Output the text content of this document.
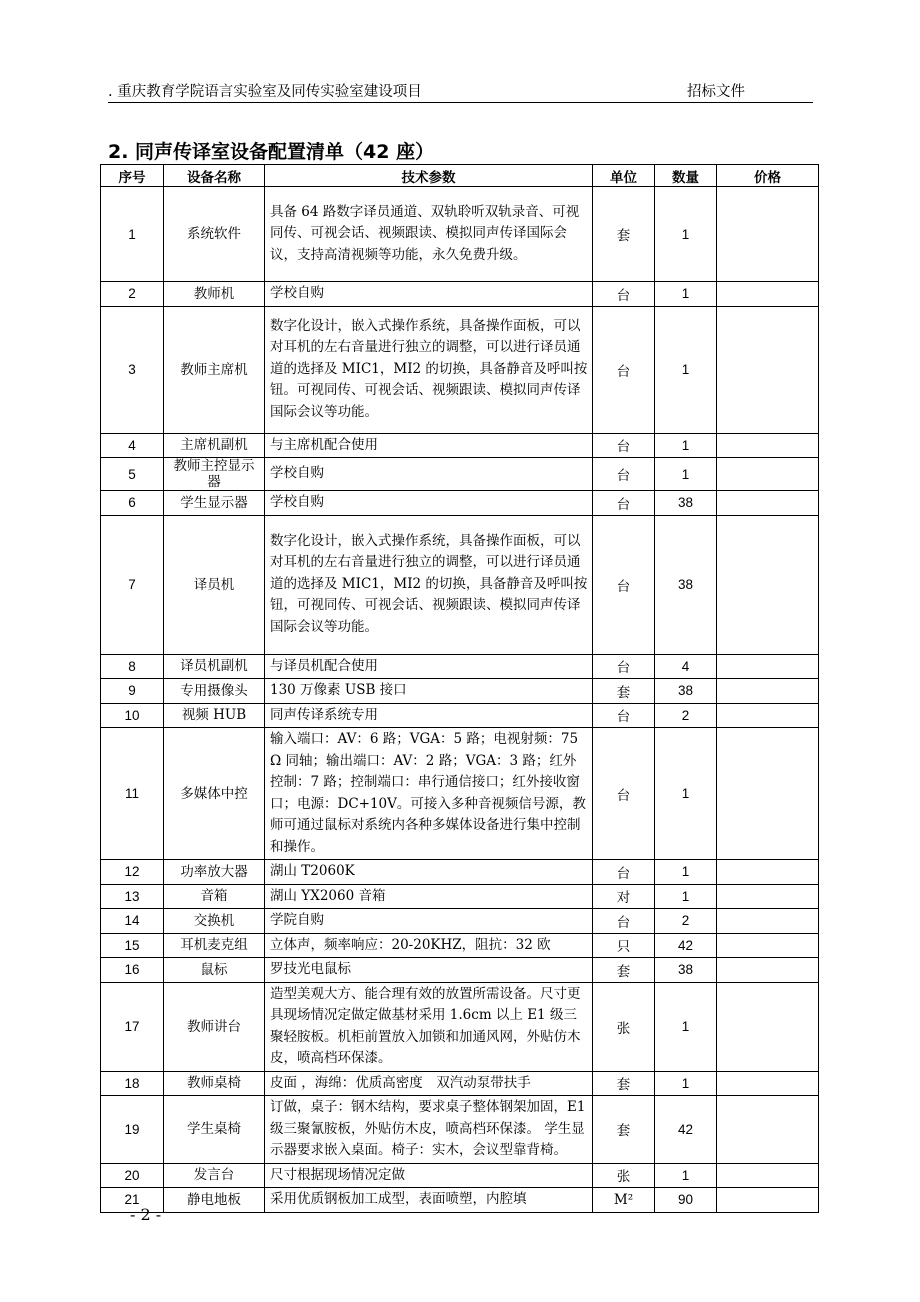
. 重庆教育学院语言实验室及同传实验室建设项目	招标文件
2. 同声传译室设备配置清单（42 座）
序号	设备名称	技术参数	单位	数量	价格
1	系统软件	具备 64 路数字译员通道、双轨聆听双轨录音、可视同传、可视会话、视频跟读、模拟同声传译国际会议，支持高清视频等功能，永久免费升级。	套	1	
2	教师机	学校自购	台	1	
3	教师主席机	数字化设计，嵌入式操作系统，具备操作面板，可以对耳机的左右音量进行独立的调整，可以进行译员通道的选择及 MIC1，MI2 的切换，具备静音及呼叫按钮。可视同传、可视会话、视频跟读、模拟同声传译国际会议等功能。	台	1	
4	主席机副机	与主席机配合使用	台	1	
5	教师主控显示器	学校自购	台	1	
6	学生显示器	学校自购	台	38	
7	译员机	数字化设计，嵌入式操作系统，具备操作面板，可以对耳机的左右音量进行独立的调整，可以进行译员通道的选择及 MIC1，MI2 的切换，具备静音及呼叫按钮，可视同传、可视会话、视频跟读、模拟同声传译国际会议等功能。	台	38	
8	译员机副机	与译员机配合使用	台	4	
9	专用摄像头	130 万像素 USB 接口	套	38	
10	视频 HUB	同声传译系统专用	台	2	
11	多媒体中控	输入端口：AV：6 路；VGA：5 路；电视射频：75Ω 同轴；输出端口：AV：2 路；VGA：3 路；红外控制：7 路；控制端口：串行通信接口；红外接收窗口；电源：DC+10V。可接入多种音视频信号源，教师可通过鼠标对系统内各种多媒体设备进行集中控制和操作。	台	1	
12	功率放大器	湖山 T2060K	台	1	
13	音箱	湖山 YX2060 音箱	对	1	
14	交换机	学院自购	台	2	
15	耳机麦克组	立体声，频率响应：20-20KHZ，阻抗：32 欧	只	42	
16	鼠标	罗技光电鼠标	套	38	
17	教师讲台	造型美观大方、能合理有效的放置所需设备。尺寸更具现场情况定做定做基材采用 1.6cm 以上 E1 级三聚轻胺板。机柜前置放入加锁和加通风网，外贴仿木皮，喷高档环保漆。	张	1	
18	教师桌椅	皮面 ，海绵：优质高密度　双汽动泵带扶手	套	1	
19	学生桌椅	订做，桌子：钢木结构，要求桌子整体钢架加固，E1 级三聚氰胺板，外贴仿木皮，喷高档环保漆。 学生显示器要求嵌入桌面。椅子：实木，会议型靠背椅。	套	42	
20	发言台	尺寸根据现场情况定做	张	1	
21	静电地板	采用优质钢板加工成型，表面喷塑，内腔填	M²	90	
- 2 -
